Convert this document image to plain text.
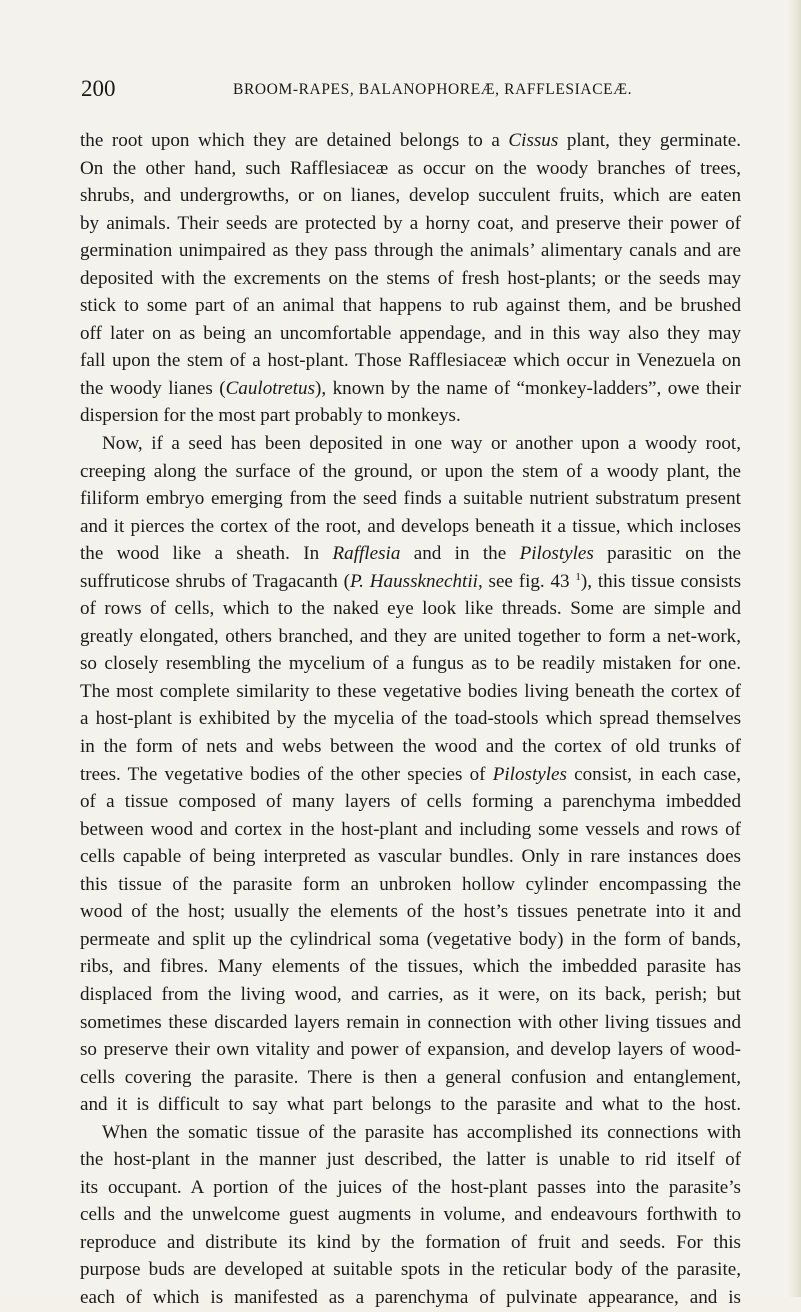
200	BROOM-RAPES, BALANOPHOREÆ, RAFFLESIACEÆ.
the root upon which they are detained belongs to a Cissus plant, they germinate.
On the other hand, such Rafflesiaceæ as occur on the woody branches of trees,
shrubs, and undergrowths, or on lianes, develop succulent fruits, which are eaten
by animals. Their seeds are protected by a horny coat, and preserve their power of
germination unimpaired as they pass through the animals’ alimentary canals and are
deposited with the excrements on the stems of fresh host-plants; or the seeds may
stick to some part of an animal that happens to rub against them, and be brushed
off later on as being an uncomfortable appendage, and in this way also they may
fall upon the stem of a host-plant. Those Rafflesiaceæ which occur in Venezuela on
the woody lianes (Caulotretus), known by the name of “monkey-ladders”, owe their
dispersion for the most part probably to monkeys.
Now, if a seed has been deposited in one way or another upon a woody root,
creeping along the surface of the ground, or upon the stem of a woody plant, the
filiform embryo emerging from the seed finds a suitable nutrient substratum present
and it pierces the cortex of the root, and develops beneath it a tissue, which incloses
the wood like a sheath. In Rafflesia and in the Pilostyles parasitic on the
suffruticose shrubs of Tragacanth (P. Haussknechtii, see fig. 43 $^1$), this tissue consists
of rows of cells, which to the naked eye look like threads. Some are simple and
greatly elongated, others branched, and they are united together to form a net-work,
so closely resembling the mycelium of a fungus as to be readily mistaken for one.
The most complete similarity to these vegetative bodies living beneath the cortex of
a host-plant is exhibited by the mycelia of the toad-stools which spread themselves
in the form of nets and webs between the wood and the cortex of old trunks of
trees. The vegetative bodies of the other species of Pilostyles consist, in each case,
of a tissue composed of many layers of cells forming a parenchyma imbedded
between wood and cortex in the host-plant and including some vessels and rows of
cells capable of being interpreted as vascular bundles. Only in rare instances does
this tissue of the parasite form an unbroken hollow cylinder encompassing the
wood of the host; usually the elements of the host’s tissues penetrate into it and
permeate and split up the cylindrical soma (vegetative body) in the form of bands,
ribs, and fibres. Many elements of the tissues, which the imbedded parasite has
displaced from the living wood, and carries, as it were, on its back, perish; but
sometimes these discarded layers remain in connection with other living tissues and
so preserve their own vitality and power of expansion, and develop layers of wood-
cells covering the parasite. There is then a general confusion and entanglement,
and it is difficult to say what part belongs to the parasite and what to the host.
When the somatic tissue of the parasite has accomplished its connections with
the host-plant in the manner just described, the latter is unable to rid itself of
its occupant. A portion of the juices of the host-plant passes into the parasite’s
cells and the unwelcome guest augments in volume, and endeavours forthwith to
reproduce and distribute its kind by the formation of fruit and seeds. For this
purpose buds are developed at suitable spots in the reticular body of the parasite,
each of which is manifested as a parenchyma of pulvinate appearance, and is
